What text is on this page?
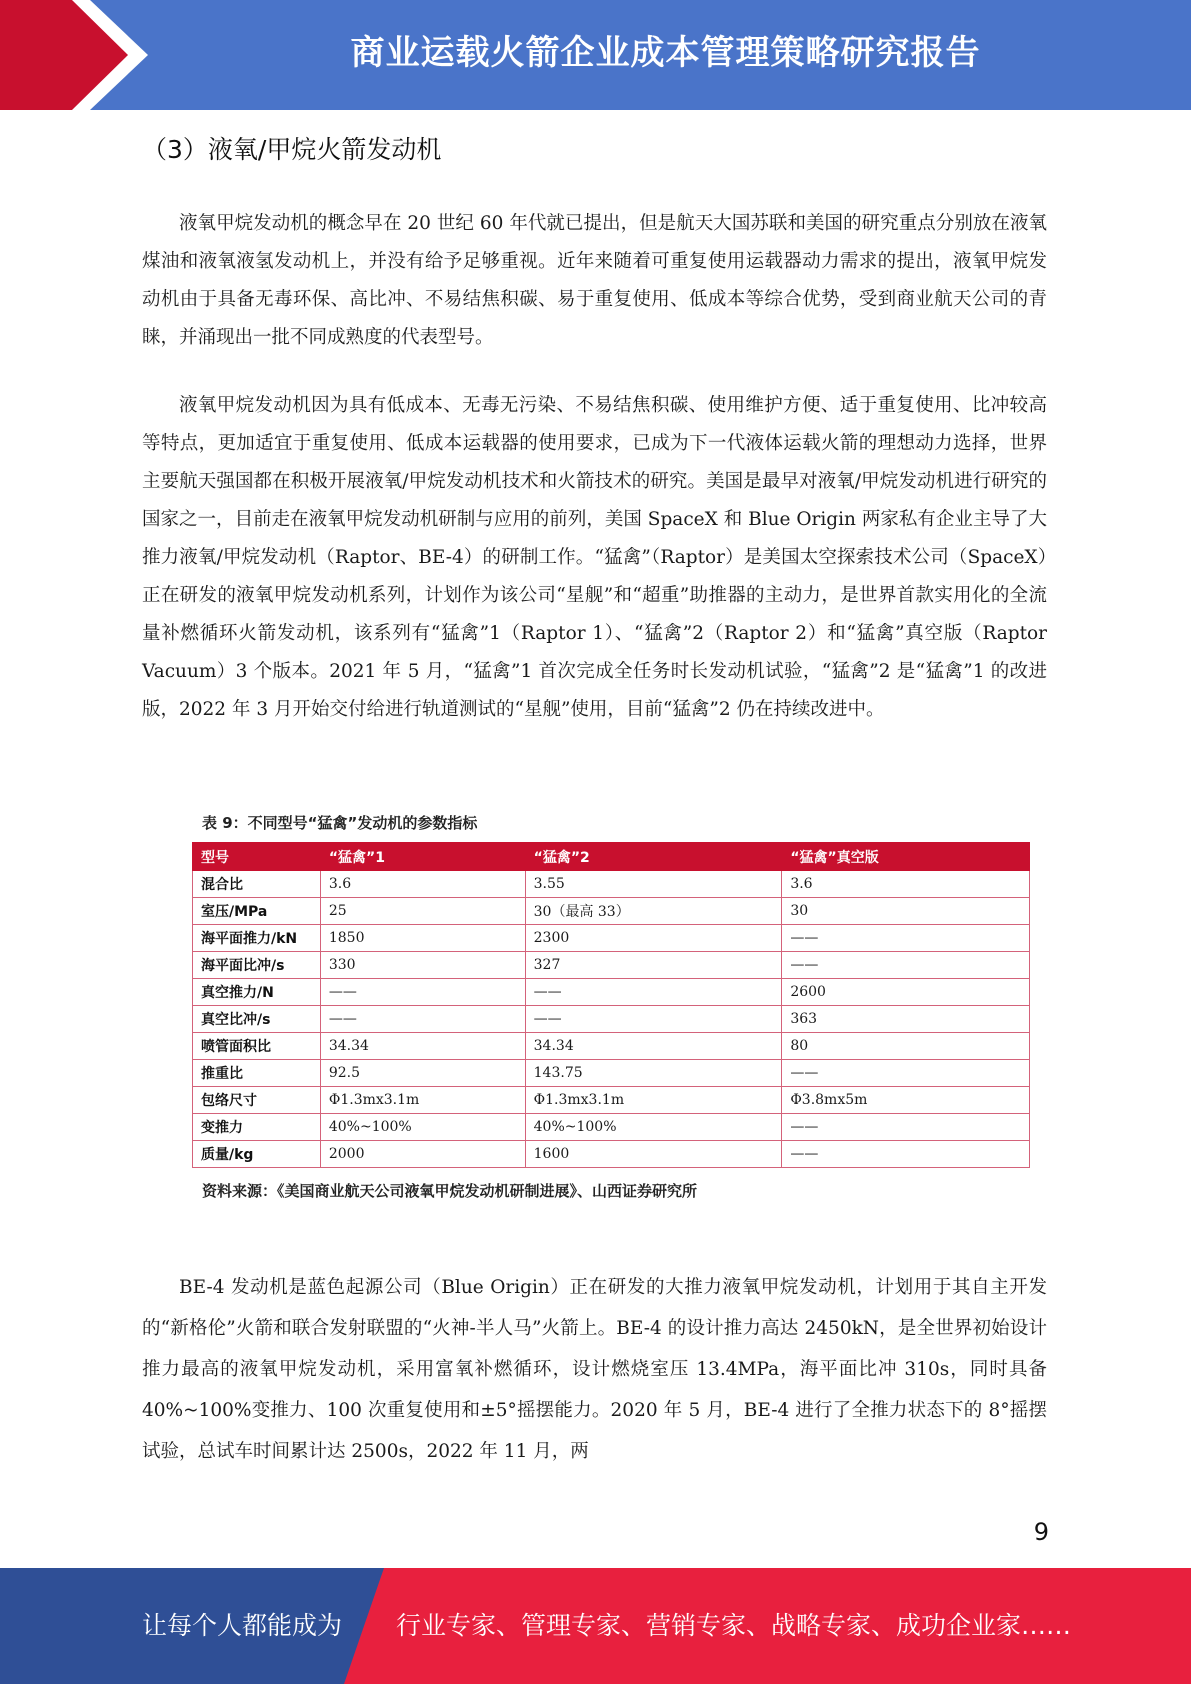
商业运载火箭企业成本管理策略研究报告
（3）液氧/甲烷火箭发动机

液氧甲烷发动机的概念早在 20 世纪 60 年代就已提出，但是航天大国苏联和美国的研究重点分别放在液氧煤油和液氧液氢发动机上，并没有给予足够重视。近年来随着可重复使用运载器动力需求的提出，液氧甲烷发动机由于具备无毒环保、高比冲、不易结焦积碳、易于重复使用、低成本等综合优势，受到商业航天公司的青睐，并涌现出一批不同成熟度的代表型号。

液氧甲烷发动机因为具有低成本、无毒无污染、不易结焦积碳、使用维护方便、适于重复使用、比冲较高等特点，更加适宜于重复使用、低成本运载器的使用要求，已成为下一代液体运载火箭的理想动力选择，世界主要航天强国都在积极开展液氧/甲烷发动机技术和火箭技术的研究。美国是最早对液氧/甲烷发动机进行研究的国家之一，目前走在液氧甲烷发动机研制与应用的前列，美国 SpaceX 和 Blue Origin 两家私有企业主导了大推力液氧/甲烷发动机（Raptor、BE-4）的研制工作。“猛禽”（Raptor）是美国太空探索技术公司（SpaceX）正在研发的液氧甲烷发动机系列，计划作为该公司“星舰”和“超重”助推器的主动力，是世界首款实用化的全流量补燃循环火箭发动机，该系列有“猛禽”1（Raptor 1）、“猛禽”2（Raptor 2）和“猛禽”真空版（Raptor Vacuum）3 个版本。2021 年 5 月，“猛禽”1 首次完成全任务时长发动机试验，“猛禽”2 是“猛禽”1 的改进版，2022 年 3 月开始交付给进行轨道测试的“星舰”使用，目前“猛禽”2 仍在持续改进中。

表 9：不同型号“猛禽”发动机的参数指标
型号	“猛禽”1	“猛禽”2	“猛禽”真空版
混合比	3.6	3.55	3.6
室压/MPa	25	30（最高 33）	30
海平面推力/kN	1850	2300	——
海平面比冲/s	330	327	——
真空推力/N	——	——	2600
真空比冲/s	——	——	363
喷管面积比	34.34	34.34	80
推重比	92.5	143.75	——
包络尺寸	Φ1.3mx3.1m	Φ1.3mx3.1m	Φ3.8mx5m
变推力	40%~100%	40%~100%	——
质量/kg	2000	1600	——
资料来源：《美国商业航天公司液氧甲烷发动机研制进展》、山西证券研究所

BE-4 发动机是蓝色起源公司（Blue Origin）正在研发的大推力液氧甲烷发动机，计划用于其自主开发的“新格伦”火箭和联合发射联盟的“火神-半人马”火箭上。BE-4 的设计推力高达 2450kN，是全世界初始设计推力最高的液氧甲烷发动机，采用富氧补燃循环，设计燃烧室压 13.4MPa，海平面比冲 310s，同时具备 40%~100%变推力、100 次重复使用和±5°摇摆能力。2020 年 5 月，BE-4 进行了全推力状态下的 8°摇摆试验，总试车时间累计达 2500s，2022 年 11 月，两

9
让每个人都能成为 行业专家、管理专家、营销专家、战略专家、成功企业家……
